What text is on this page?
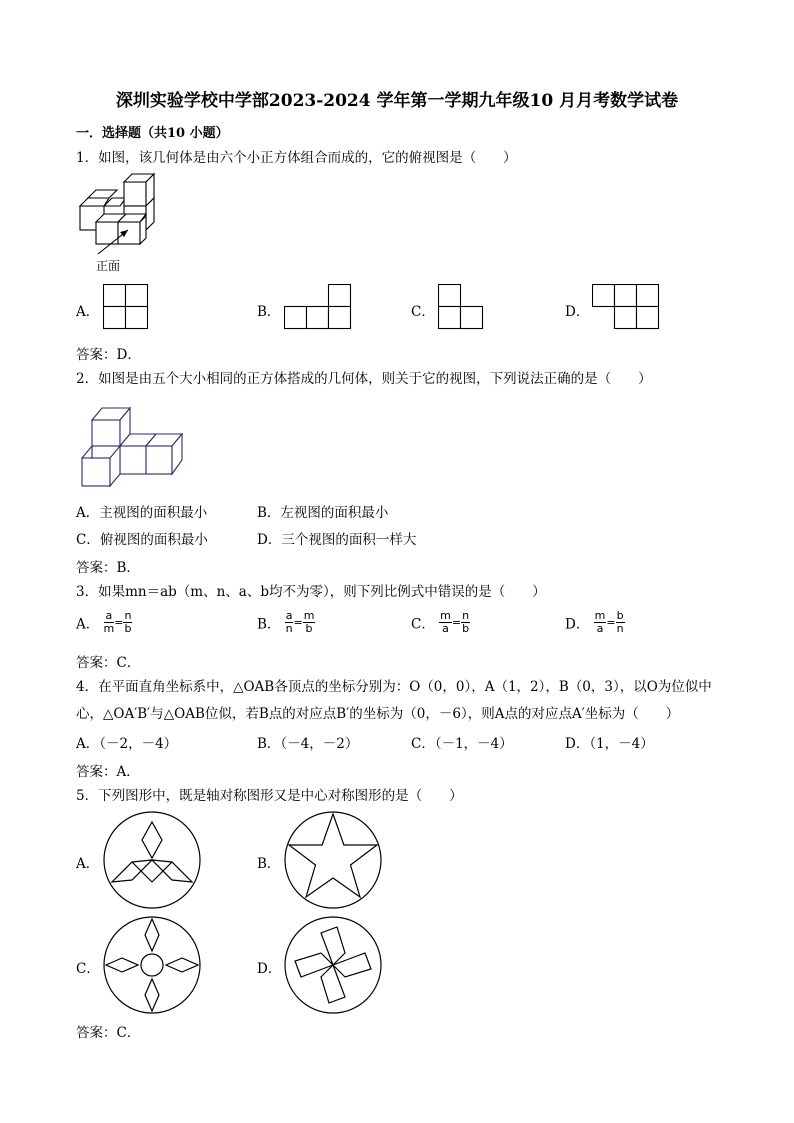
深圳实验学校中学部2023-2024 学年第一学期九年级10 月月考数学试卷
一．选择题（共10 小题）
1．如图，该几何体是由六个小正方体组合而成的，它的俯视图是（　　）
正面
A．	B．	C．	D．
答案：D．
2．如图是由五个大小相同的正方体搭成的几何体，则关于它的视图，下列说法正确的是（　　）
A．主视图的面积最小	B．左视图的面积最小
C．俯视图的面积最小	D．三个视图的面积一样大
答案：B．
3．如果mn＝ab（m、n、a、b均不为零），则下列比例式中错误的是（　　）
A． $\frac{a}{m} = \frac{n}{b}$	B． $\frac{a}{n} = \frac{m}{b}$	C． $\frac{m}{a} = \frac{n}{b}$	D． $\frac{m}{a} = \frac{b}{n}$
答案：C．
4．在平面直角坐标系中，△OAB各顶点的坐标分别为：O（0，0），A（1，2），B（0，3），以O为位似中
心，△OA′B′与△OAB位似，若B点的对应点B′的坐标为（0，－6），则A点的对应点A′坐标为（　　）
A．（－2，－4）	B．（－4，－2）	C．（－1，－4）	D．（1，－4）
答案：A．
5．下列图形中，既是轴对称图形又是中心对称图形的是（　　）
A．	B．
C．	D．
答案：C．
